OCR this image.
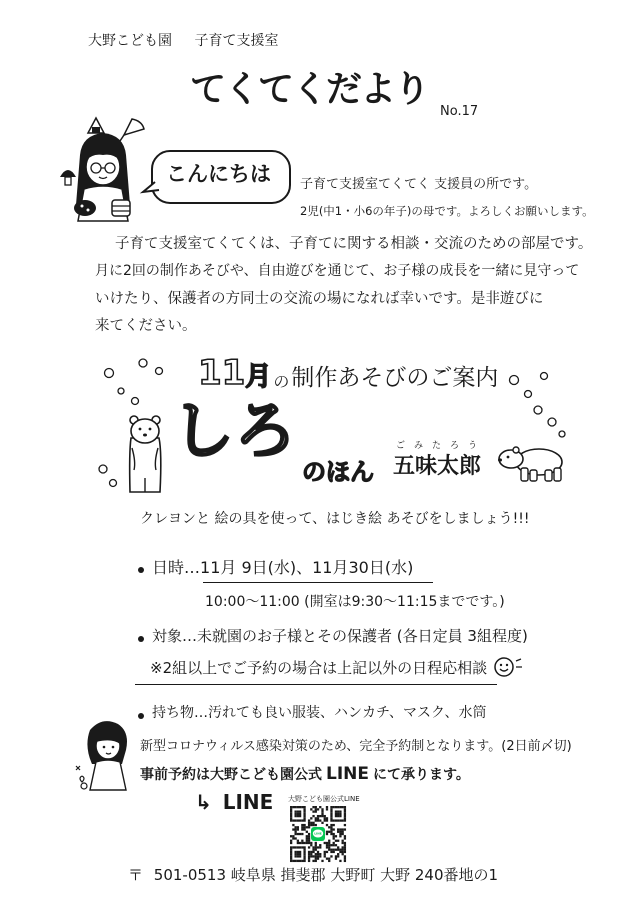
大野こども園 子育て支援室
てくてくだより
No.17
こんにちは 子育て支援室てくてく 支援員の所です。
2児(中1・小6の年子)の母です。よろしくお願いします。
子育て支援室てくてくは、子育てに関する相談・交流のための部屋です。
月に2回の制作あそびや、自由遊びを通じて、お子様の成長を一緒に見守って
いけたり、保護者の方同士の交流の場になれば幸いです。是非遊びに
来てください。
11 月 の 制作あそびのご案内
しろ
のほん
ごみたろう
五味太郎
クレヨンと 絵の具を使って、はじき絵 あそびをしましょう!!!
日時…11月 9日(水)、11月30日(水)
10:00～11:00 (開室は9:30～11:15までです。)
対象…未就園のお子様とその保護者 (各日定員 3組程度)
※2組以上でご予約の場合は上記以外の日程応相談
持ち物…汚れても良い服装、ハンカチ、マスク、水筒
新型コロナウィルス感染対策のため、完全予約制となります。(2日前〆切)
事前予約は大野こども園公式 LINE にて承ります。
↳ LINE 大野こども園公式LINE
LINE
〒 501-0513 岐阜県 揖斐郡 大野町 大野 240番地の1
